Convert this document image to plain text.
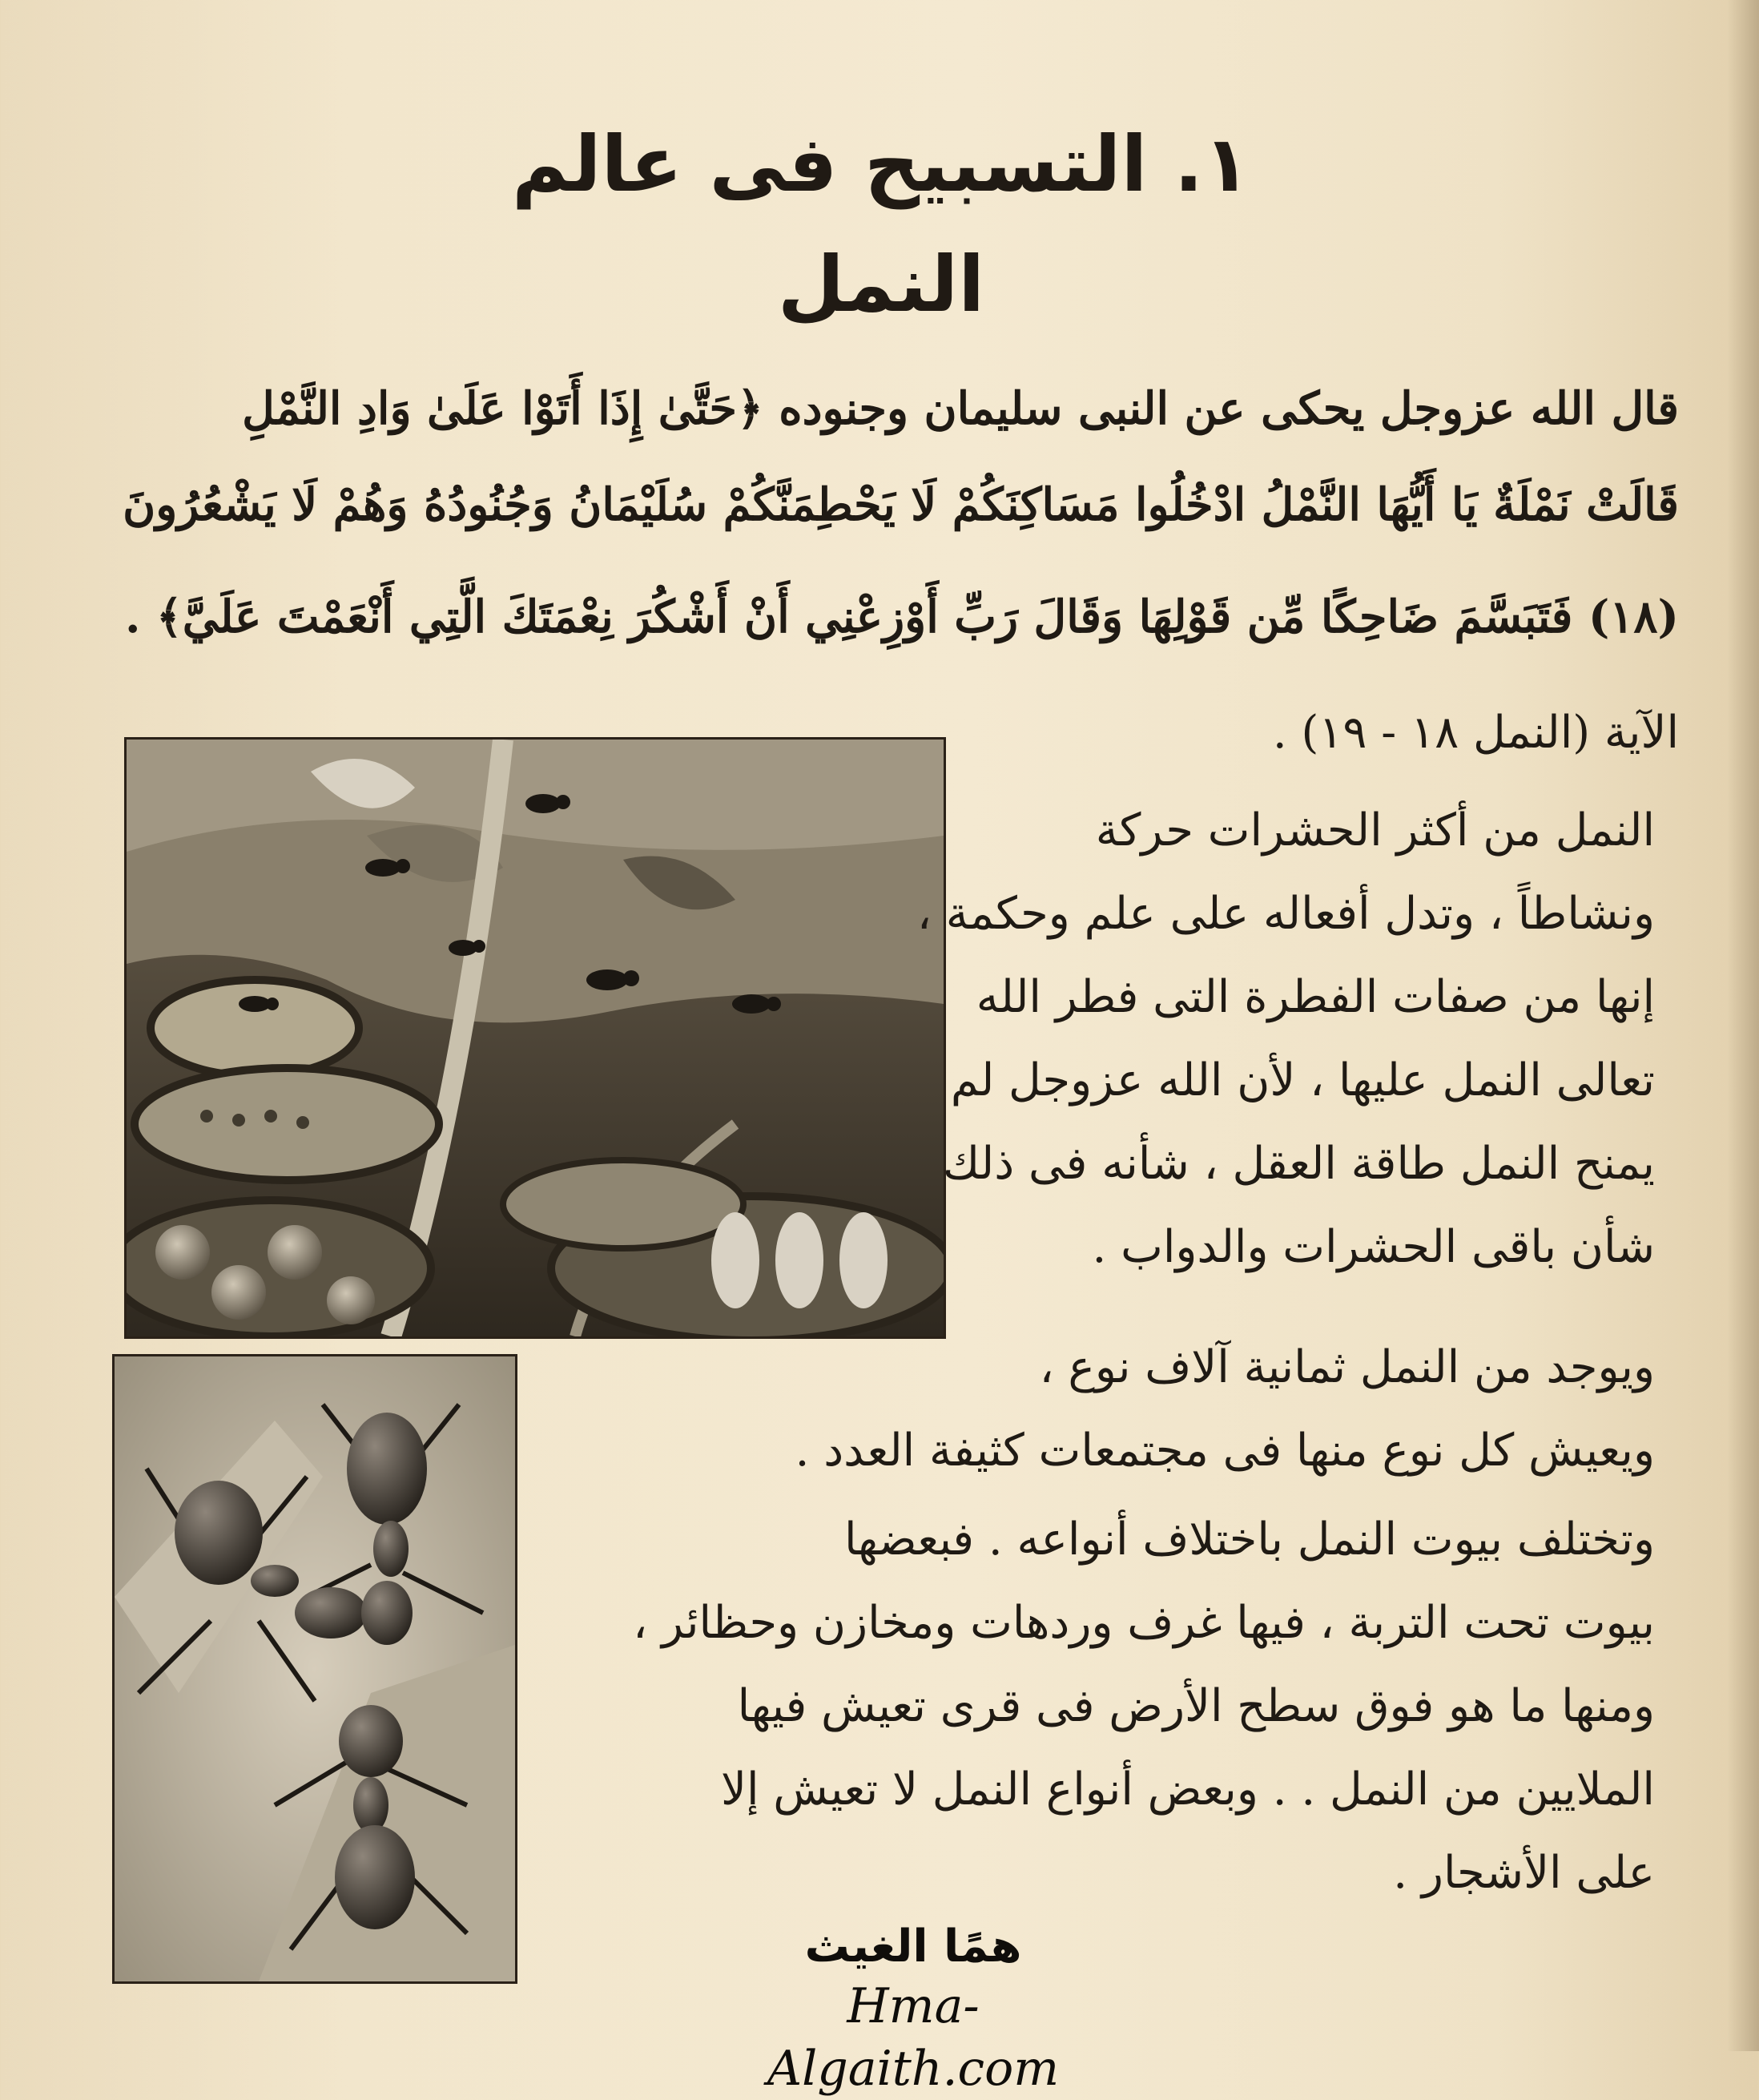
١. التسبيح فى عالم النمل
قال الله عزوجل يحكى عن النبى سليمان وجنوده ﴿حَتَّىٰ إِذَا أَتَوْا عَلَىٰ وَادِ النَّمْلِ
قَالَتْ نَمْلَةٌ يَا أَيُّهَا النَّمْلُ ادْخُلُوا مَسَاكِنَكُمْ لَا يَحْطِمَنَّكُمْ سُلَيْمَانُ وَجُنُودُهُ وَهُمْ لَا يَشْعُرُونَ
(١٨) فَتَبَسَّمَ ضَاحِكًا مِّن قَوْلِهَا وَقَالَ رَبِّ أَوْزِعْنِي أَنْ أَشْكُرَ نِعْمَتَكَ الَّتِي أَنْعَمْتَ عَلَيَّ﴾ .
الآية (النمل ١٨ - ١٩) .
النمل من أكثر الحشرات حركة
ونشاطاً ، وتدل أفعاله على علم وحكمة ،
إنها من صفات الفطرة التى فطر الله
تعالى النمل عليها ، لأن الله عزوجل لم
يمنح النمل طاقة العقل ، شأنه فى ذلك
شأن باقى الحشرات والدواب .
ويوجد من النمل ثمانية آلاف نوع ،
ويعيش كل نوع منها فى مجتمعات كثيفة العدد .
وتختلف بيوت النمل باختلاف أنواعه . فبعضها
بيوت تحت التربة ، فيها غرف وردهات ومخازن وحظائر ،
ومنها ما هو فوق سطح الأرض فى قرى تعيش فيها
الملايين من النمل . . وبعض أنواع النمل لا تعيش إلا
على الأشجار .
همًا الغيث
Hma-Algaith.com
